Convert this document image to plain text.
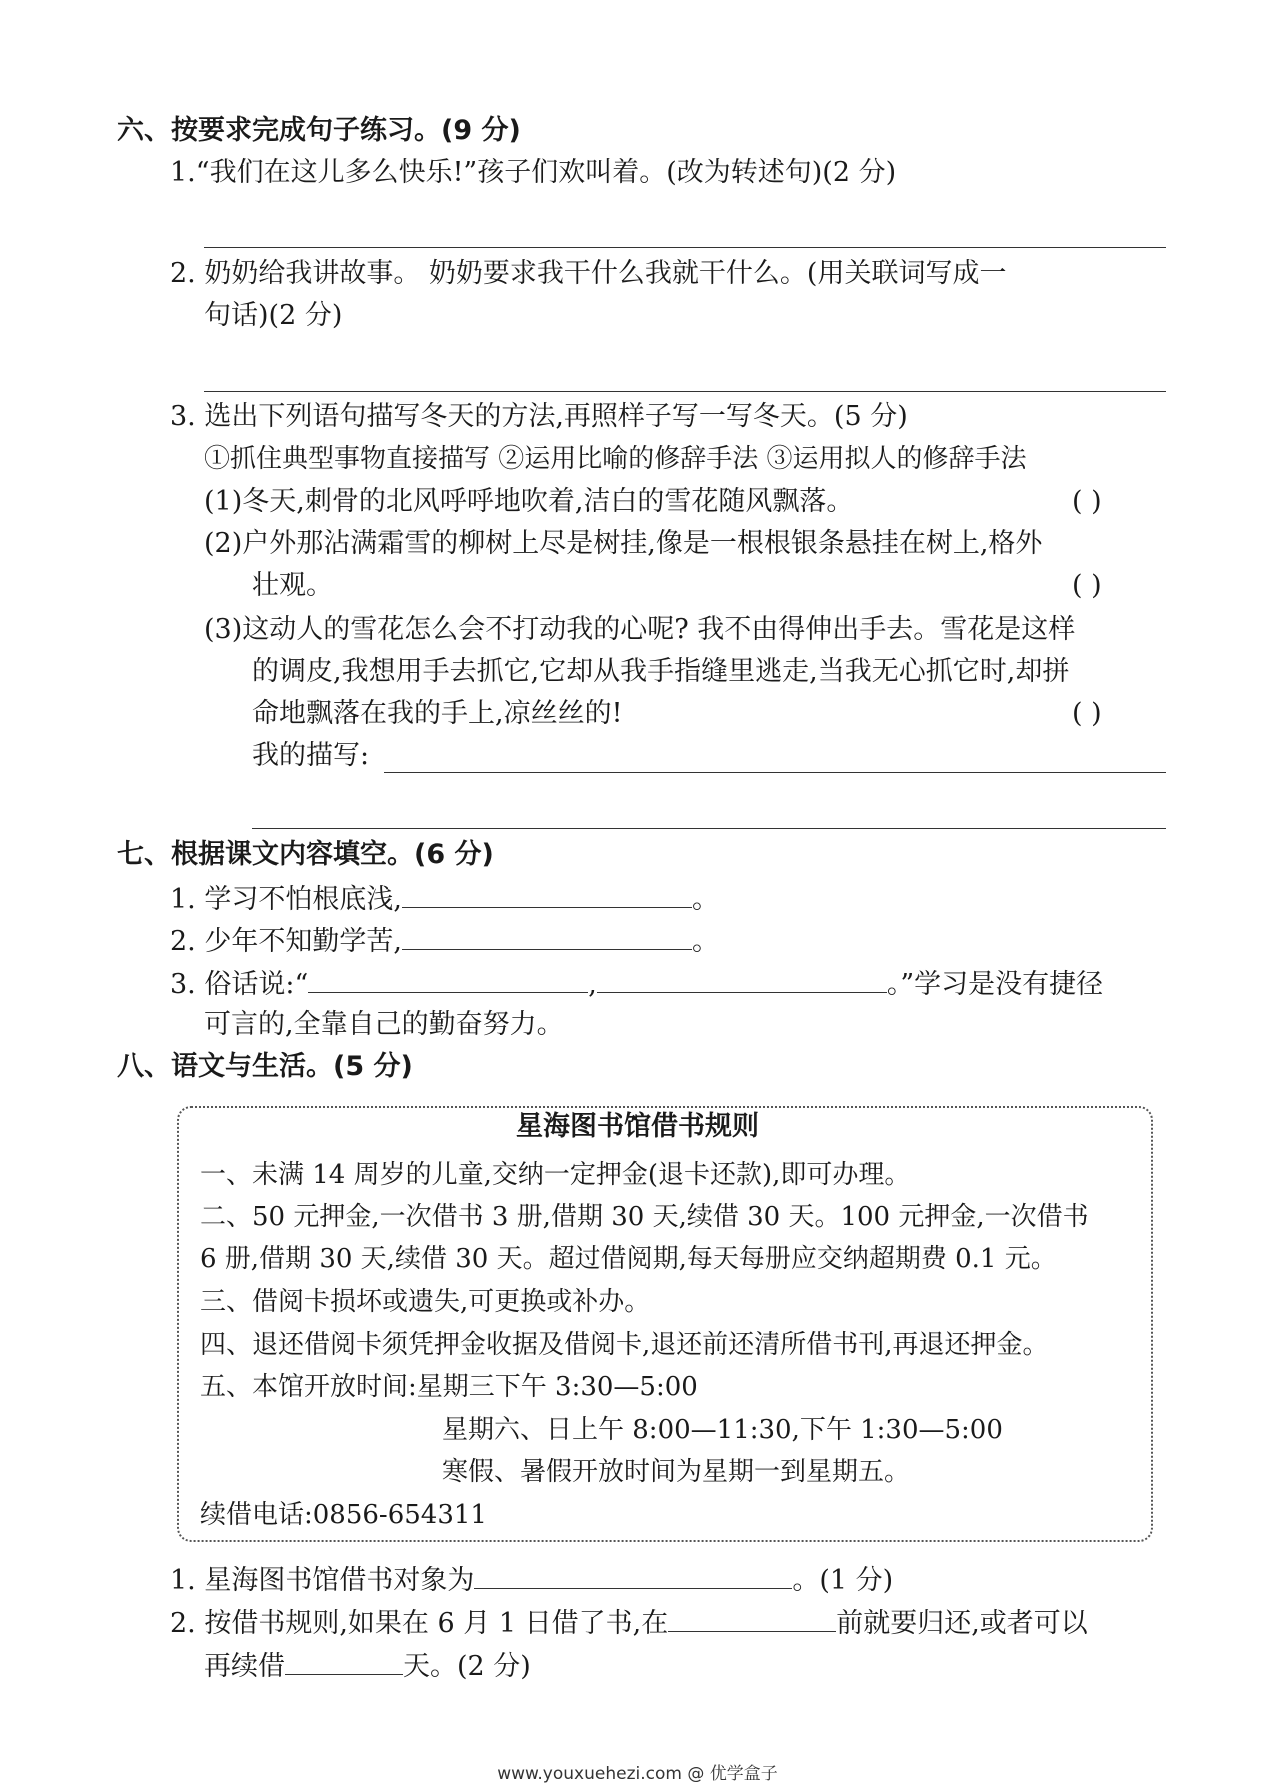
六、按要求完成句子练习。(9 分)
1.“我们在这儿多么快乐!”孩子们欢叫着。(改为转述句)(2 分)
2. 奶奶给我讲故事。 奶奶要求我干什么我就干什么。(用关联词写成一
句话)(2 分)
3. 选出下列语句描写冬天的方法,再照样子写一写冬天。(5 分)
①抓住典型事物直接描写 ②运用比喻的修辞手法 ③运用拟人的修辞手法
(1)冬天,刺骨的北风呼呼地吹着,洁白的雪花随风飘落。	( )
(2)户外那沾满霜雪的柳树上尽是树挂,像是一根根银条悬挂在树上,格外
壮观。	( )
(3)这动人的雪花怎么会不打动我的心呢? 我不由得伸出手去。雪花是这样
的调皮,我想用手去抓它,它却从我手指缝里逃走,当我无心抓它时,却拼
命地飘落在我的手上,凉丝丝的!	( )
我的描写:
七、根据课文内容填空。(6 分)
1. 学习不怕根底浅,	。
2. 少年不知勤学苦,	。
3. 俗话说:“	,	。”学习是没有捷径
可言的,全靠自己的勤奋努力。
八、语文与生活。(5 分)
星海图书馆借书规则
一、未满 14 周岁的儿童,交纳一定押金(退卡还款),即可办理。
二、50 元押金,一次借书 3 册,借期 30 天,续借 30 天。100 元押金,一次借书
6 册,借期 30 天,续借 30 天。超过借阅期,每天每册应交纳超期费 0.1 元。
三、借阅卡损坏或遗失,可更换或补办。
四、退还借阅卡须凭押金收据及借阅卡,退还前还清所借书刊,再退还押金。
五、本馆开放时间:星期三下午 3:30—5:00
星期六、日上午 8:00—11:30,下午 1:30—5:00
寒假、暑假开放时间为星期一到星期五。
续借电话:0856-654311
1. 星海图书馆借书对象为	。(1 分)
2. 按借书规则,如果在 6 月 1 日借了书,在	前就要归还,或者可以
再续借	天。(2 分)
www.youxuehezi.com @ 优学盒子
